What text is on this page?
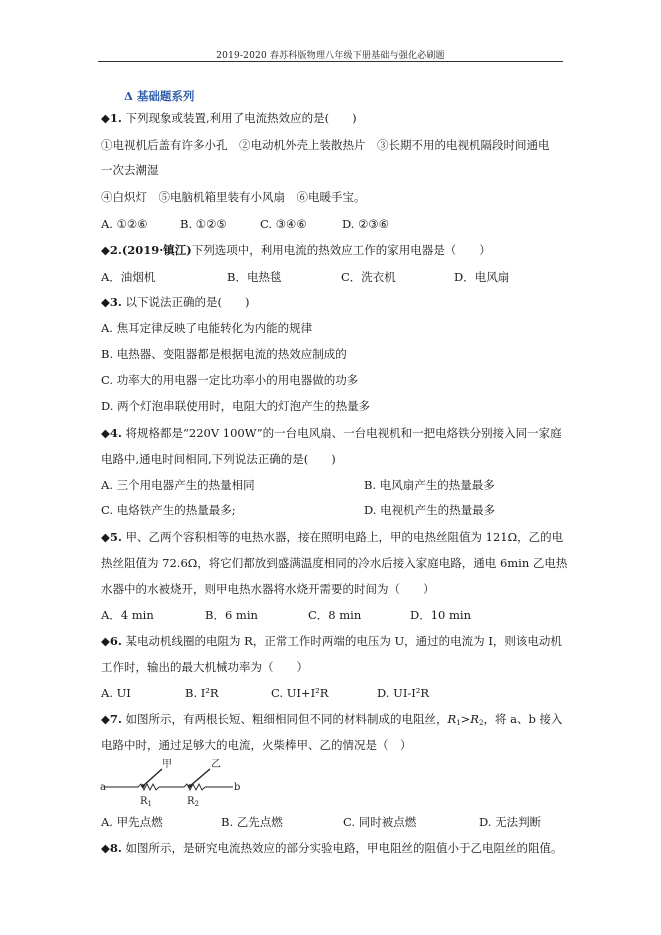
2019-2020 春苏科版物理八年级下册基础与强化必刷题
Δ 基础题系列
◆1. 下列现象或装置,利用了电流热效应的是(　　)
①电视机后盖有许多小孔　②电动机外壳上装散热片　③长期不用的电视机隔段时间通电
一次去潮湿
④白炽灯　⑤电脑机箱里装有小风扇　⑥电暖手宝。
A. ①②⑥	B. ①②⑤	C. ③④⑥	D. ②③⑥
◆2.(2019·镇江)下列选项中，利用电流的热效应工作的家用电器是（　　）
A．油烟机	B．电热毯	C．洗衣机	D．电风扇
◆3. 以下说法正确的是(　　)
A. 焦耳定律反映了电能转化为内能的规律
B. 电热器、变阻器都是根据电流的热效应制成的
C. 功率大的用电器一定比功率小的用电器做的功多
D. 两个灯泡串联使用时，电阻大的灯泡产生的热量多
◆4. 将规格都是“220V 100W”的一台电风扇、一台电视机和一把电烙铁分别接入同一家庭
电路中,通电时间相同,下列说法正确的是(　　)
A. 三个用电器产生的热量相同	B. 电风扇产生的热量最多
C. 电烙铁产生的热量最多;	D. 电视机产生的热量最多
◆5. 甲、乙两个容积相等的电热水器，接在照明电路上，甲的电热丝阻值为 121Ω，乙的电
热丝阻值为 72.6Ω，将它们都放到盛满温度相同的冷水后接入家庭电路，通电 6min 乙电热
水器中的水被烧开，则甲电热水器将水烧开需要的时间为（　　）
A．4 min	B．6 min	C．8 min	D．10 min
◆6. 某电动机线圈的电阻为 R，正常工作时两端的电压为 U，通过的电流为 I，则该电动机
工作时，输出的最大机械功率为（　　）
A. UI	B. I²R	C. UI+I²R	D. UI-I²R
◆7. 如图所示，有两根长短、粗细相同但不同的材料制成的电阻丝，$R_1>R_2$，将 a、b 接入
电路中时，通过足够大的电流，火柴棒甲、乙的情况是（　）
a	b
甲	乙
$R_1$	$R_2$
A. 甲先点燃	B. 乙先点燃	C. 同时被点燃	D. 无法判断
◆8. 如图所示，是研究电流热效应的部分实验电路，甲电阻丝的阻值小于乙电阻丝的阻值。
